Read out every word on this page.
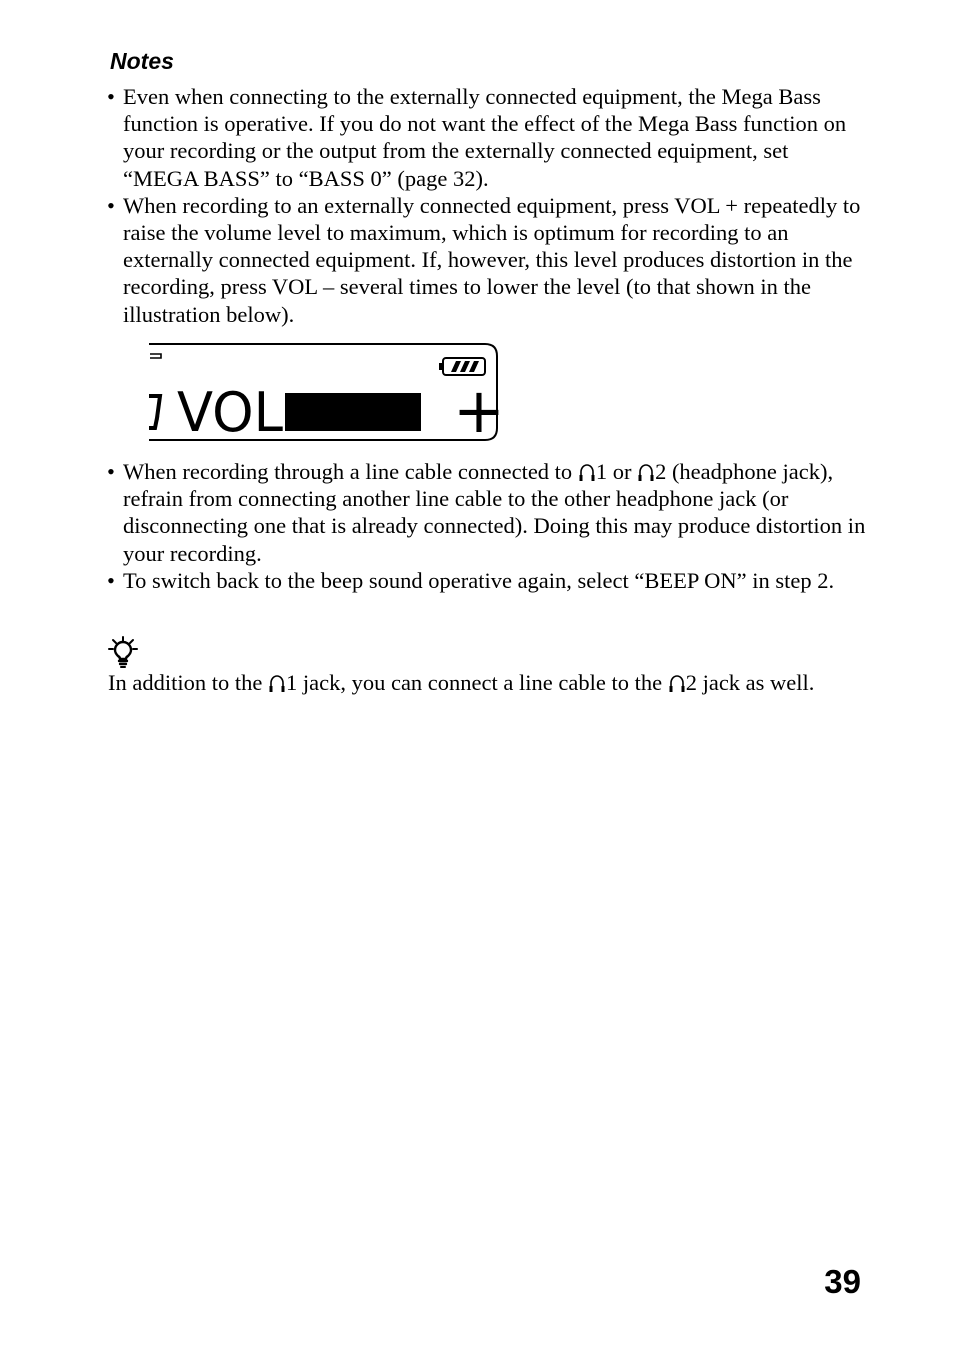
Notes
• Even when connecting to the externally connected equipment, the Mega Bass function is operative. If you do not want the effect of the Mega Bass function on your recording or the output from the externally connected equipment, set “MEGA BASS” to “BASS 0” (page 32).
• When recording to an externally connected equipment, press VOL + repeatedly to raise the volume level to maximum, which is optimum for recording to an externally connected equipment. If, however, this level produces distortion in the recording, press VOL – several times to lower the level (to that shown in the illustration below).
VOL	+
• When recording through a line cable connected to 1 or 2 (headphone jack), refrain from connecting another line cable to the other headphone jack (or disconnecting one that is already connected). Doing this may produce distortion in your recording.
• To switch back to the beep sound operative again, select “BEEP ON” in step 2.
In addition to the 1 jack, you can connect a line cable to the 2 jack as well.
39
